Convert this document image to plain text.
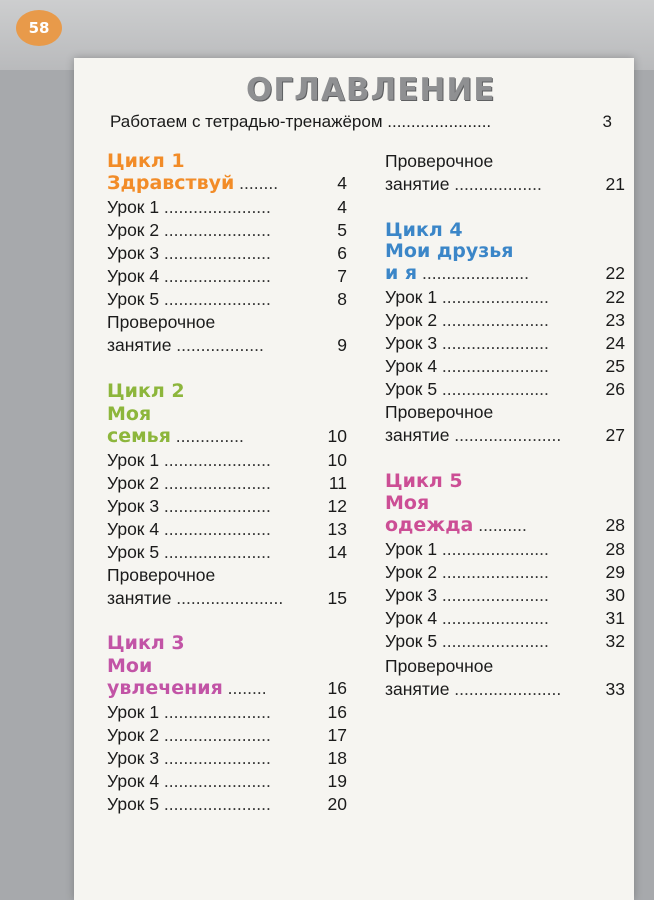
58
ОГЛАВЛЕНИЕ
Работаем с тетрадью-тренажёром ......................	3
Цикл 1
Здравствуй ........	4
Урок 1 ......................	4
Урок 2 ......................	5
Урок 3 ......................	6
Урок 4 ......................	7
Урок 5 ......................	8
Проверочное
занятие ..................	9
Цикл 2
Моя
семья ..............	10
Урок 1 ......................	10
Урок 2 ......................	11
Урок 3 ......................	12
Урок 4 ......................	13
Урок 5 ......................	14
Проверочное
занятие ......................	15
Цикл 3
Мои
увлечения ........	16
Урок 1 ......................	16
Урок 2 ......................	17
Урок 3 ......................	18
Урок 4 ......................	19
Урок 5 ......................	20
Проверочное
занятие ..................	21
Цикл 4
Мои друзья
и я ......................	22
Урок 1 ......................	22
Урок 2 ......................	23
Урок 3 ......................	24
Урок 4 ......................	25
Урок 5 ......................	26
Проверочное
занятие ......................	27
Цикл 5
Моя
одежда ..........	28
Урок 1 ......................	28
Урок 2 ......................	29
Урок 3 ......................	30
Урок 4 ......................	31
Урок 5 ......................	32
Проверочное
занятие ......................	33
